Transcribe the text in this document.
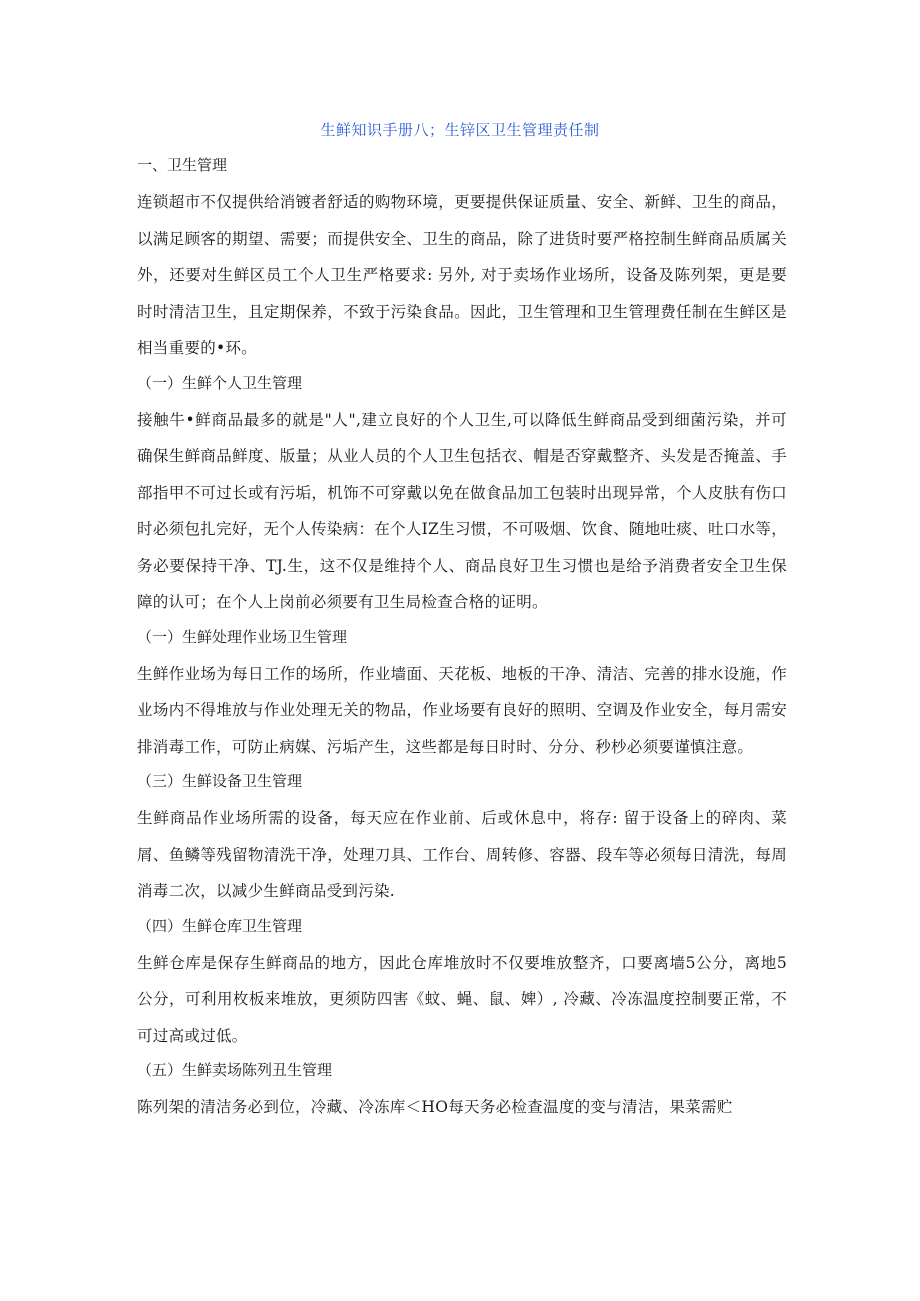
生鲜知识手册八；生锌区卫生管理责任制
一、卫生管理

连锁超市不仅提供给消镀者舒适的购物环境，更要提供保证质量、安全、新鲜、卫生的商品，以满足顾客的期望、需要；而提供安全、卫生的商品，除了进货时要严格控制生鲜商品质属关外，还要对生鲜区员工个人卫生严格要求: 另外, 对于卖场作业场所，设备及陈列架，更是要时时清洁卫生，且定期保养，不致于污染食品。因此，卫生管理和卫生管理费任制在生鲜区是相当重要的•环。

（一）生鲜个人卫生管理

接触牛•鲜商品最多的就是"人",建立良好的个人卫生,可以降低生鲜商品受到细菌污染，并可确保生鲜商品鲜度、版量；从业人员的个人卫生包括衣、帽是否穿戴整齐、头发是否掩盖、手部指甲不可过长或有污垢，机饰不可穿戴以免在做食品加工包装时出现异常，个人皮肤有伤口时必须包扎完好，无个人传染病：在个人IZ生习惯，不可吸烟、饮食、随地吐痰、吐口水等，务必要保持干净、TJ.生，这不仅是维持个人、商品良好卫生习惯也是给予消费者安全卫生保障的认可；在个人上岗前必须要有卫生局检查合格的证明。

（一）生鲜处理作业场卫生管理

生鲜作业场为每日工作的场所，作业墙面、天花板、地板的干净、清洁、完善的排水设施，作业场内不得堆放与作业处理无关的物品，作业场要有良好的照明、空调及作业安全，每月需安排消毒工作，可防止病媒、污垢产生，这些都是每日时时、分分、秒杪必须要谨慎注意。

（三）生鲜设备卫生管理

生鲜商品作业场所需的设备，每天应在作业前、后或休息中，将存: 留于设备上的碎肉、菜屑、鱼鳞等残留物清洗干净，处理刀具、工作台、周转修、容器、段车等必须每日清洗，每周消毒二次，以减少生鲜商品受到污染.

（四）生鲜仓库卫生管理

生鲜仓库是保存生鲜商品的地方，因此仓库堆放时不仅要堆放整齐，口要离墙5公分，离地5公分，可利用枚板来堆放，更须防四害《蚊、蝇、鼠、婢）, 冷藏、冷冻温度控制要正常，不可过高或过低。

（五）生鲜卖场陈列丑生管理

陈列架的清洁务必到位，冷藏、冷冻库＜HO每天务必检查温度的变与清洁，果菜需贮
